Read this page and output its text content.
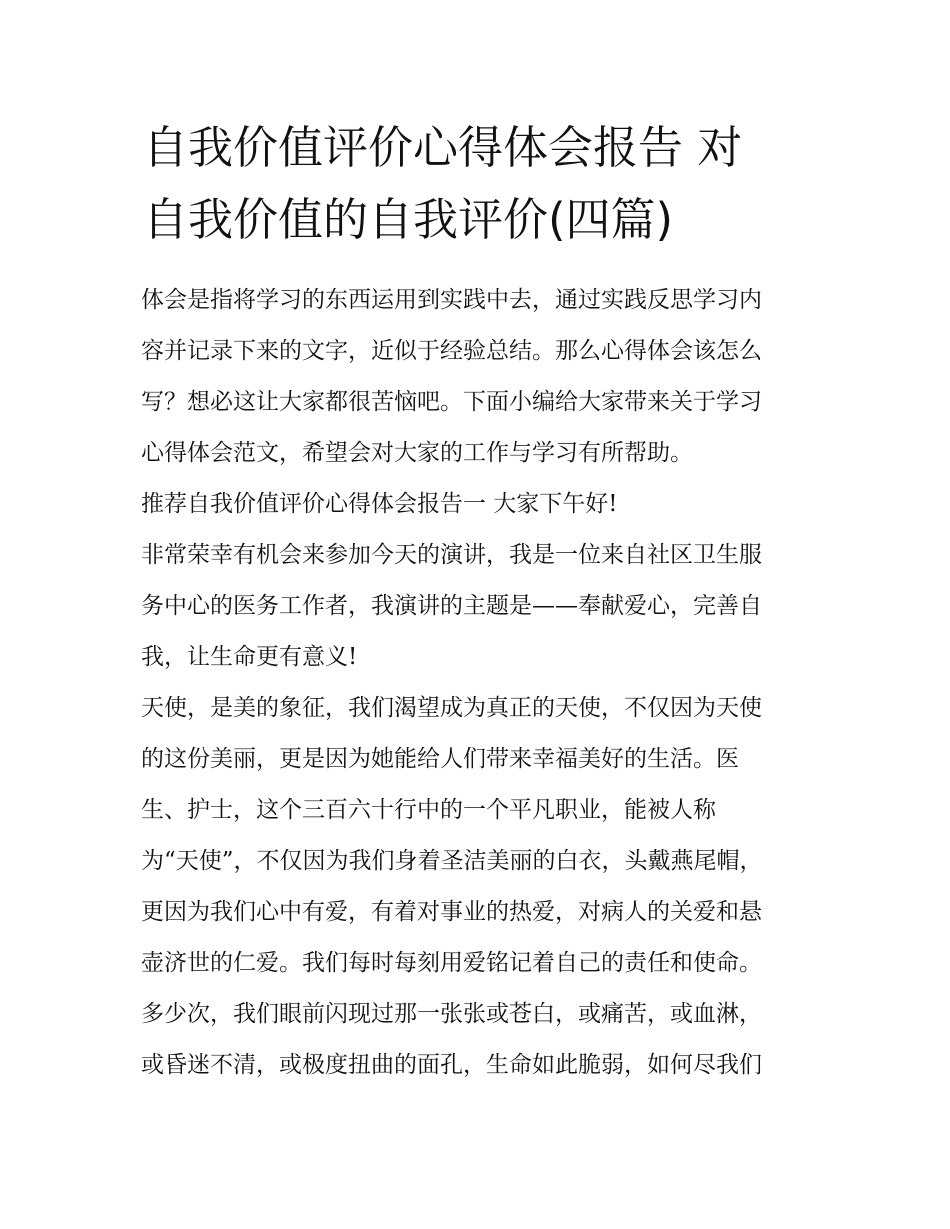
自我价值评价心得体会报告 对
自我价值的自我评价(四篇)
体会是指将学习的东西运用到实践中去，通过实践反思学习内
容并记录下来的文字，近似于经验总结。那么心得体会该怎么
写？想必这让大家都很苦恼吧。下面小编给大家带来关于学习
心得体会范文，希望会对大家的工作与学习有所帮助。
推荐自我价值评价心得体会报告一 大家下午好!
非常荣幸有机会来参加今天的演讲，我是一位来自社区卫生服
务中心的医务工作者，我演讲的主题是——奉献爱心，完善自
我，让生命更有意义!
天使，是美的象征，我们渴望成为真正的天使，不仅因为天使
的这份美丽，更是因为她能给人们带来幸福美好的生活。医
生、护士，这个三百六十行中的一个平凡职业，能被人称
为“天使”，不仅因为我们身着圣洁美丽的白衣，头戴燕尾帽，
更因为我们心中有爱，有着对事业的热爱，对病人的关爱和悬
壶济世的仁爱。我们每时每刻用爱铭记着自己的责任和使命。
多少次，我们眼前闪现过那一张张或苍白，或痛苦，或血淋，
或昏迷不清，或极度扭曲的面孔，生命如此脆弱，如何尽我们
